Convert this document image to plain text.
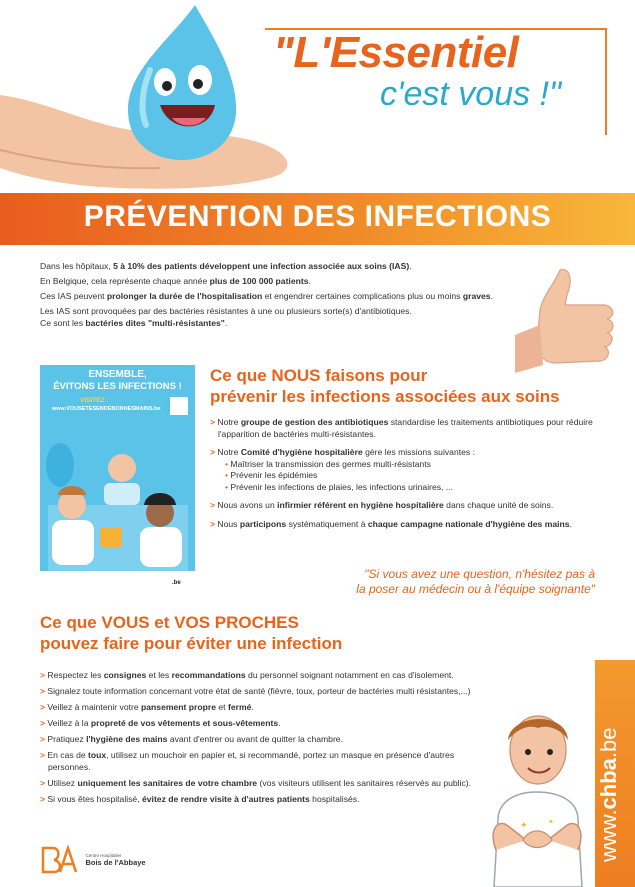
"L'Essentiel
c'est vous !"
PRÉVENTION DES INFECTIONS

Dans les hôpitaux, 5 à 10% des patients développent une infection associée aux soins (IAS).

En Belgique, cela représente chaque année plus de 100 000 patients.

Ces IAS peuvent prolonger la durée de l'hospitalisation et engendrer certaines complications plus ou moins graves.

Les IAS sont provoquées par des bactéries résistantes à une ou plusieurs sorte(s) d'antibiotiques.
Ce sont les bactéries dites "multi-résistantes".

ENSEMBLE,
ÉVITONS LES INFECTIONS !
VISITEZ :
www.VOUSETESENDEBONNESMAINS.be
.be
Ce que NOUS faisons pour
prévenir les infections associées aux soins
> Notre groupe de gestion des antibiotiques standardise les traitements antibiotiques pour réduire l'apparition de bactéries multi-résistantes.
> Notre Comité d'hygiène hospitalière gère les missions suivantes :
• Maîtriser la transmission des germes multi-résistants
• Prévenir les épidémies
• Prévenir les infections de plaies, les infections urinaires, ...
> Nous avons un infirmier référent en hygiène hospitalière dans chaque unité de soins.
> Nous participons systématiquement à chaque campagne nationale d'hygiène des mains.
"Si vous avez une question, n'hésitez pas à
la poser au médecin ou à l'équipe soignante"
Ce que VOUS et VOS PROCHES
pouvez faire pour éviter une infection
> Respectez les consignes et les recommandations du personnel soignant notamment en cas d'isolement.
> Signalez toute information concernant votre état de santé (fièvre, toux, porteur de bactéries multi résistantes,...)
> Veillez à maintenir votre pansement propre et fermé.
> Veillez à la propreté de vos vêtements et sous-vêtements.
> Pratiquez l'hygiène des mains avant d'entrer ou avant de quitter la chambre.
> En cas de toux, utilisez un mouchoir en papier et, si recommandé, portez un masque en présence d'autres personnes.
> Utilisez uniquement les sanitaires de votre chambre (vos visiteurs utilisent les sanitaires réservés au public).
> Si vous êtes hospitalisé, évitez de rendre visite à d'autres patients hospitalisés.
✦	✦ www.chba.be

Centre Hospitalier
Bois de l'Abbaye
